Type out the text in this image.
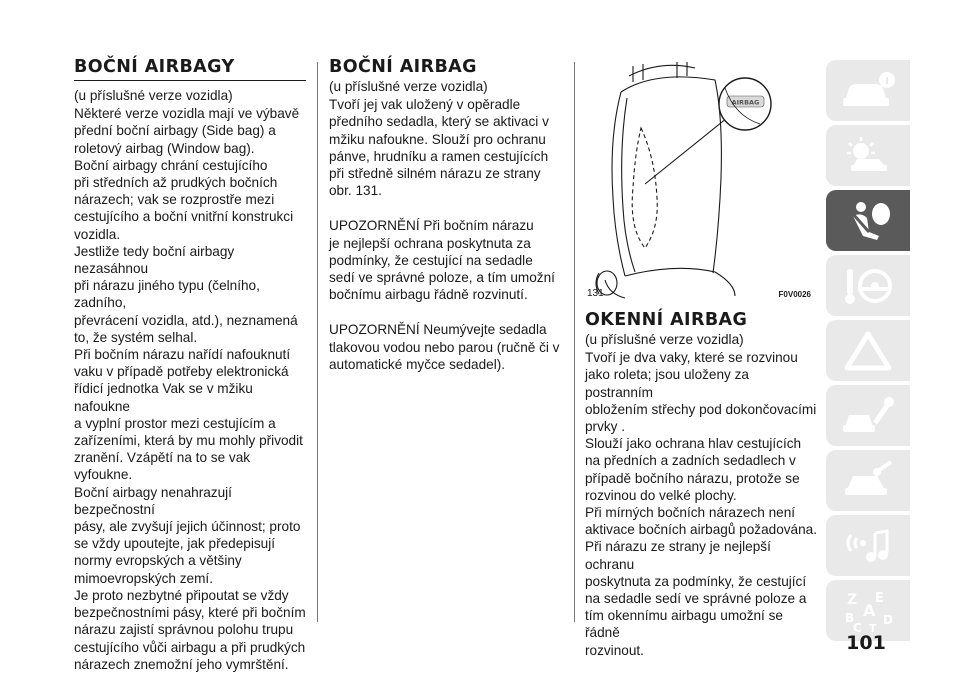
BOČNÍ AIRBAGY

(u příslušné verze vozidla)

Některé verze vozidla mají ve výbavě
přední boční airbagy (Side bag) a
roletový airbag (Window bag).

Boční airbagy chrání cestujícího
při středních až prudkých bočních
nárazech; vak se rozprostře mezi
cestujícího a boční vnitřní konstrukci
vozidla.

Jestliže tedy boční airbagy nezasáhnou
při nárazu jiného typu (čelního, zadního,
převrácení vozidla, atd.), neznamená
to, že systém selhal.

Při bočním nárazu nařídí nafouknutí
vaku v případě potřeby elektronická
řídicí jednotka Vak se v mžiku nafoukne
a vyplní prostor mezi cestujícím a
zařízeními, která by mu mohly přivodit
zranění. Vzápětí na to se vak vyfoukne.

Boční airbagy nenahrazují bezpečnostní
pásy, ale zvyšují jejich účinnost; proto
se vždy upoutejte, jak předepisují
normy evropských a většiny
mimoevropských zemí.

Je proto nezbytné připoutat se vždy
bezpečnostními pásy, které při bočním
nárazu zajistí správnou polohu trupu
cestujícího vůči airbagu a při prudkých
nárazech znemožní jeho vymrštění.

BOČNÍ AIRBAG

(u příslušné verze vozidla)

Tvoří jej vak uložený v opěradle
předního sedadla, který se aktivaci v
mžiku nafoukne. Slouží pro ochranu
pánve, hrudníku a ramen cestujících
při středně silném nárazu ze strany
obr. 131.

UPOZORNĚNÍ Při bočním nárazu
je nejlepší ochrana poskytnuta za
podmínky, že cestující na sedadle
sedí ve správné poloze, a tím umožní
bočnímu airbagu řádně rozvinutí.

UPOZORNĚNÍ Neumývejte sedadla
tlakovou vodou nebo parou (ručně či v
automatické myčce sedadel).

AIRBAG
131	F0V0026
OKENNÍ AIRBAG

(u příslušné verze vozidla)

Tvoří je dva vaky, které se rozvinou
jako roleta; jsou uloženy za postranním
obložením střechy pod dokončovacími
prvky .

Slouží jako ochrana hlav cestujících
na předních a zadních sedadlech v
případě bočního nárazu, protože se
rozvinou do velké plochy.

Při mírných bočních nárazech není
aktivace bočních airbagů požadována.

Při nárazu ze strany je nejlepší ochranu
poskytnuta za podmínky, že cestující
na sedadle sedí ve správné poloze a
tím okennímu airbagu umožní se řádně
rozvinout.

Z E
A
B
C
D
T
101
